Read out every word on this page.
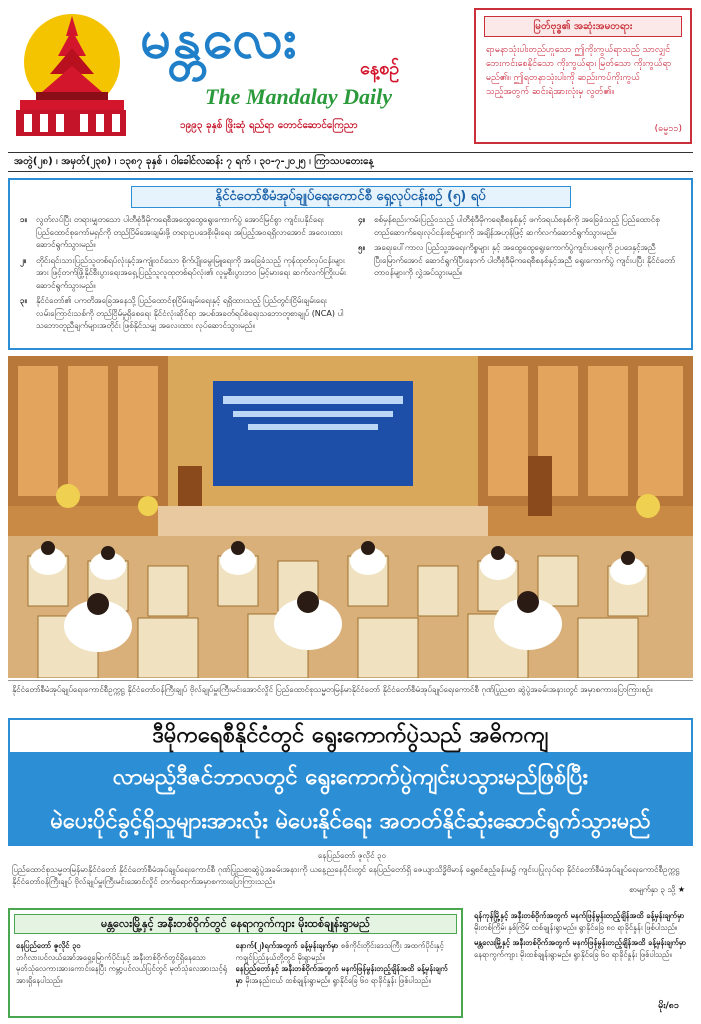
မန္တလေး	နေ့စဉ်
The Mandalay Daily
၁၉၉၃ ခုနှစ် ဖြိုးဆုံ ရည်ရာ တောင်ဆောင်ကြေညာ
မြတ်ဗုဒ္ဓ၏ အဆုံးအမတရား
ရာမနာသုံးပါးတည်ဟူသော ဤကိုးကွယ်ရာသည် သာလျှင် ဘေးကင်းစေနိုင်သော ကိုးကွယ်ရာ၊ မြတ်သော ကိုးကွယ်ရာမည်၏။ ဤရတနာသုံးပါးကို ဆည်းကပ်ကိုးကွယ်သည့်အတွက် ဆင်းရဲအားလုံးမှ လွတ်၏။
(ဓမ္မ၁၁)
အတွဲ(၂၈) ၊ အမှတ်(၂၃၈) ၊ ၁၃၈၇ ခုနှစ် ၊ ဝါခေါင်လဆန်း ၇ ရက် ၊ ၃၀-၇-၂၀၂၅ ၊ ကြာသပတေးနေ့
နိုင်ငံတော်စီမံအုပ်ချုပ်ရေးကောင်စီ ရှေ့လုပ်ငန်းစဉ် (၅) ရပ်
၁။	လွတ်လပ်ပြီး တရားမျှတသော ပါတီစုံဒီမိုကရေစီအထွေထွေရွေးကောက်ပွဲ အောင်မြင်စွာ ကျင်းပနိုင်ရေး ပြည်ထောင်စုကော်မရှင်ကို တည်ပြိမ်အေးချမ်းဖို့ တရားဥပဒေစိုးမိုးရေး အပြည့်အဝရရှိလာအောင် အလေးထားဆောင်ရွက်သွားမည်။
၂။	တိုင်းရင်းသားပြည်သူတစ်ရပ်လုံးနှင့်အကျုံးဝင်သော စိုက်ပျိုးမွေးမြူရေးကို အခြေခံသည့် ကုန်ထုတ်လုပ်ငန်းများအား ဖြင့်တက်ဖြို့နိုင်စီးပွားရေးအရှေ့ပြည့်သူလူထုတစ်ရပ်လုံး၏ လူမှုစီးပွားဘဝ မြင့်မားရေး ဆက်လက်ကြိုးပမ်းဆောင်ရွက်သွားမည်။
၃။	နိုင်ငံတော်၏ ပကတိအခြေအနေသို့ ပြည်ထောင်စုငြိမ်းချမ်းရေးနှင့် ရရှိထားသည့် ပြည်တွင်းငြိမ်းချမ်းရေးလမ်းကြောင်းသစ်ကို တည်ငြိမ်မှုရှိစေရေး နိုင်ငံလုံးဆိုင်ရာ အပစ်အခတ်ရပ်စဲရေးသဘောတူစာချုပ် (NCA) ပါ သဘောတူညီချက်များအတိုင်း ဖြစ်နိုင်သမျှ အလေးထား လုပ်ဆောင်သွားမည်။
၄။	စစ်မှန်စည်းကမ်းပြည့်ဝသည့် ပါတီစုံဒီမိုကရေစီစနစ်နှင့် ဖက်ဒရယ်စနစ်ကို အခြေခံသည့် ပြည်ထောင်စုတည်ဆောက်ရေးလုပ်ငန်းစဉ်များကို အချိန်အဟုန်ဖြင့် ဆက်လက်ဆောင်ရွက်သွားမည်။
၅။	အရေးပေါ်ကာလ ပြည်သူ့အရေးကိစ္စများ နှင့် အထွေထွေရွေးကောက်ပွဲကျင်းပရေးကို ဥပဒေနှင့်အညီ ပြီးမြောက်အောင် ဆောင်ရွက်ပြီးနောက် ပါတီစုံဒီမိုကရေစီစနစ်နှင့်အညီ ရွေးကောက်ပွဲ ကျင်းပပြီး နိုင်ငံတော်တာဝန်များကို လွှဲအပ်သွားမည်။
နိုင်ငံတော်စီမံအုပ်ချုပ်ရေးကောင်စီဥက္ကဋ္ဌ နိုင်ငံတော်ဝန်ကြီးချုပ် ဗိုလ်ချုပ်မှူးကြီးမင်းအောင်လှိုင် ပြည်ထောင်စုသမ္မတမြန်မာနိုင်ငံတော် နိုင်ငံတော်စီမံအုပ်ချုပ်ရေးကောင်စီ ဂုဏ်ပြုညစာ ဆွဲပွဲအခမ်းအနားတွင် အမှာစကားပြောကြားစဉ်။
ဒီမိုကရေစီနိုင်ငံတွင် ရွေးကောက်ပွဲသည် အဓိကကျ
လာမည့်ဒီဇင်ဘာလတွင် ရွေးကောက်ပွဲကျင်းပသွားမည်ဖြစ်ပြီး
မဲပေးပိုင်ခွင့်ရှိသူများအားလုံး မဲပေးနိုင်ရေး အတတ်နိုင်ဆုံးဆောင်ရွက်သွားမည်
နေပြည်တော် ဇူလိုင် ၃၀
ပြည်ထောင်စုသမ္မတမြန်မာနိုင်ငံတော် နိုင်ငံတော်စီမံအုပ်ချုပ်ရေးကောင်စီ ဂုဏ်ပြုညစာဆွဲပွဲအခမ်းအနားကို ယနေ့ညနေပိုင်းတွင် နေပြည်တော်ရှိ ဇေယျာသိဒ္ဓိဗိမာန် ရွှေစင်ဧည့်ခန်းမ၌ ကျင်းပပြုလုပ်ရာ နိုင်ငံတော်စီမံအုပ်ချုပ်ရေးကောင်စီဥက္ကဋ္ဌ နိုင်ငံတော်ဝန်ကြီးချုပ် ဗိုလ်ချုပ်မှူးကြီးမင်းအောင်လှိုင် တက်ရောက်အမှာစကားပြောကြားသည်။
စာမျက်နှာ ၃ သို့ ★
မန္တလေးမြို့နှင့် အနီးတစ်ဝိုက်တွင် နေရာကွက်ကျား မိုးထစ်ချုန်းရွာမည်
နေပြည်တော် ဇူလိုင် ၃၀
ဘင်္ဂလားပင်လယ်အော်အရှေ့မြောက်ပိုင်းနှင့် အနီးတစ်ဝိုက်တွင်ရှိနေသော မုတ်သုံလေကားအားကောင်းနေပြီး ကမ္ဘာ့ပင်လယ်ပြင်တွင် မုတ်သုံလေအားသင့်ရုံအားရှိနေပါသည်။
နောက်(၂)ရက်အတွက် ခန့်မှန်းချက်မှာ စစ်ကိုင်းတိုင်းဒေသကြီး အထက်ပိုင်းနှင့် ကချင်ပြည်နယ်တို့တွင် မိုးရွာမည်။
နေပြည်တော်နှင့် အနီးတစ်ဝိုက်အတွက် မနက်ဖြန်မွန်းတည့်ချိန်အထိ ခန့်မှန်းချက်မှာ မိုးအနည်းငယ် ထစ်ချုန်းရွာမည်။ ရွာနိုင်ခြေ ၆၀ ရာခိုင်နှုန်း ဖြစ်ပါသည်။
ရန်ကုန်မြို့နှင့် အနီးတစ်ဝိုက်အတွက် မနက်ဖြန်မွန်းတည့်ချိန်အထိ ခန့်မှန်းချက်မှာ မိုးတစ်ကြိမ်၊ နှစ်ကြိမ် ထစ်ချုန်းရွာမည်။ ရွာနိုင်ခြေ ၈၀ ရာခိုင်နှုန်း ဖြစ်ပါသည်။
မန္တလေးမြို့နှင့် အနီးတစ်ဝိုက်အတွက် မနက်ဖြန်မွန်းတည့်ချိန်အထိ ခန့်မှန်းချက်မှာ နေရာကွက်ကျား မိုးထစ်ချုန်းရွာမည်။ ရွာနိုင်ခြေ ၆၀ ရာခိုင်နှုန်း ဖြစ်ပါသည်။
မိုး/၈၁
